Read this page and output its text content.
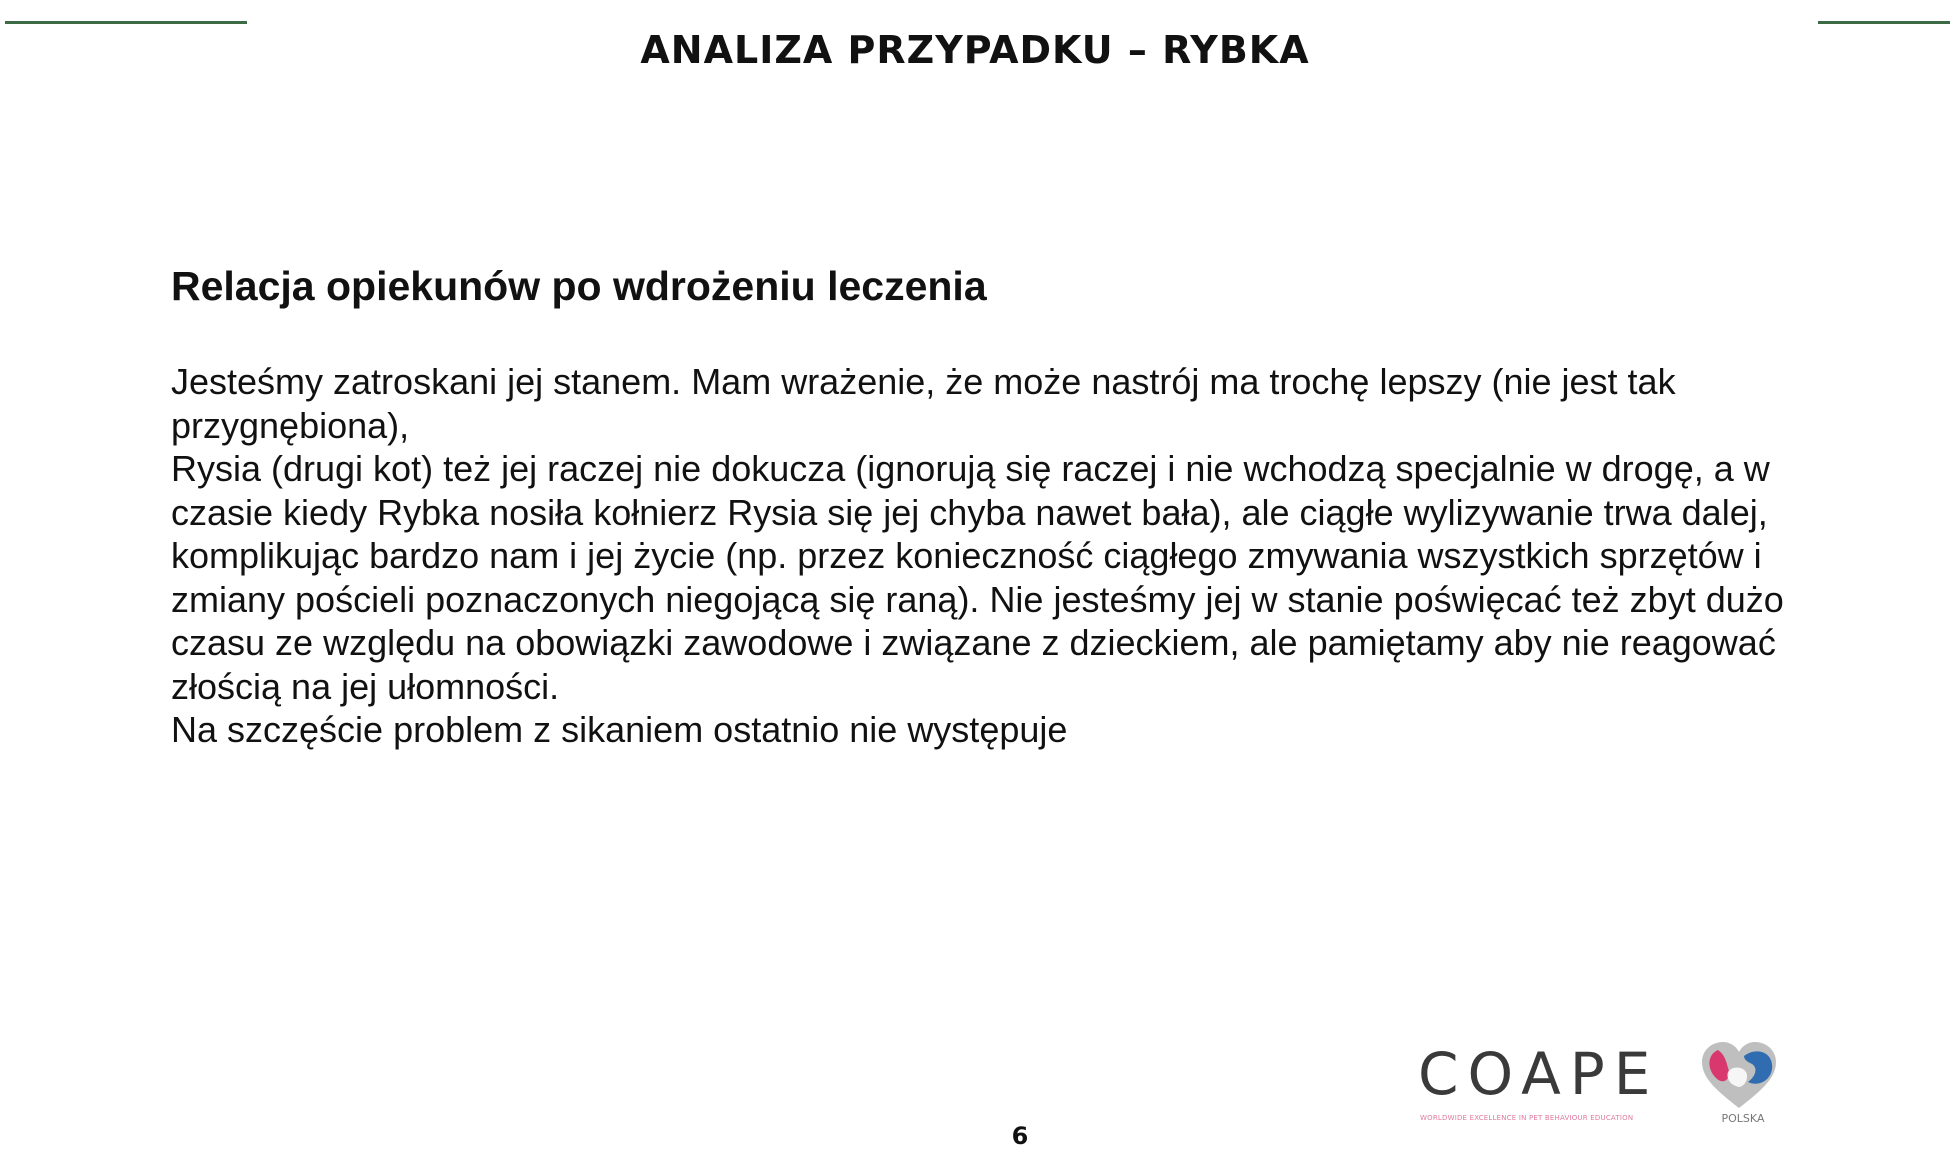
ANALIZA PRZYPADKU – RYBKA
Relacja opiekunów po wdrożeniu leczenia

Jesteśmy zatroskani jej stanem. Mam wrażenie, że może nastrój ma trochę lepszy (nie jest tak
przygnębiona),
Rysia (drugi kot) też jej raczej nie dokucza (ignorują się raczej i nie wchodzą specjalnie w drogę, a w
czasie kiedy Rybka nosiła kołnierz Rysia się jej chyba nawet bała), ale ciągłe wylizywanie trwa dalej,
komplikując bardzo nam i jej życie (np. przez konieczność ciągłego zmywania wszystkich sprzętów i
zmiany pościeli poznaczonych niegojącą się raną). Nie jesteśmy jej w stanie poświęcać też zbyt dużo
czasu ze względu na obowiązki zawodowe i związane z dzieckiem, ale pamiętamy aby nie reagować
złością na jej ułomności.
Na szczęście problem z sikaniem ostatnio nie występuje

COAPE
WORLDWIDE EXCELLENCE IN PET BEHAVIOUR EDUCATION	POLSKA
6
